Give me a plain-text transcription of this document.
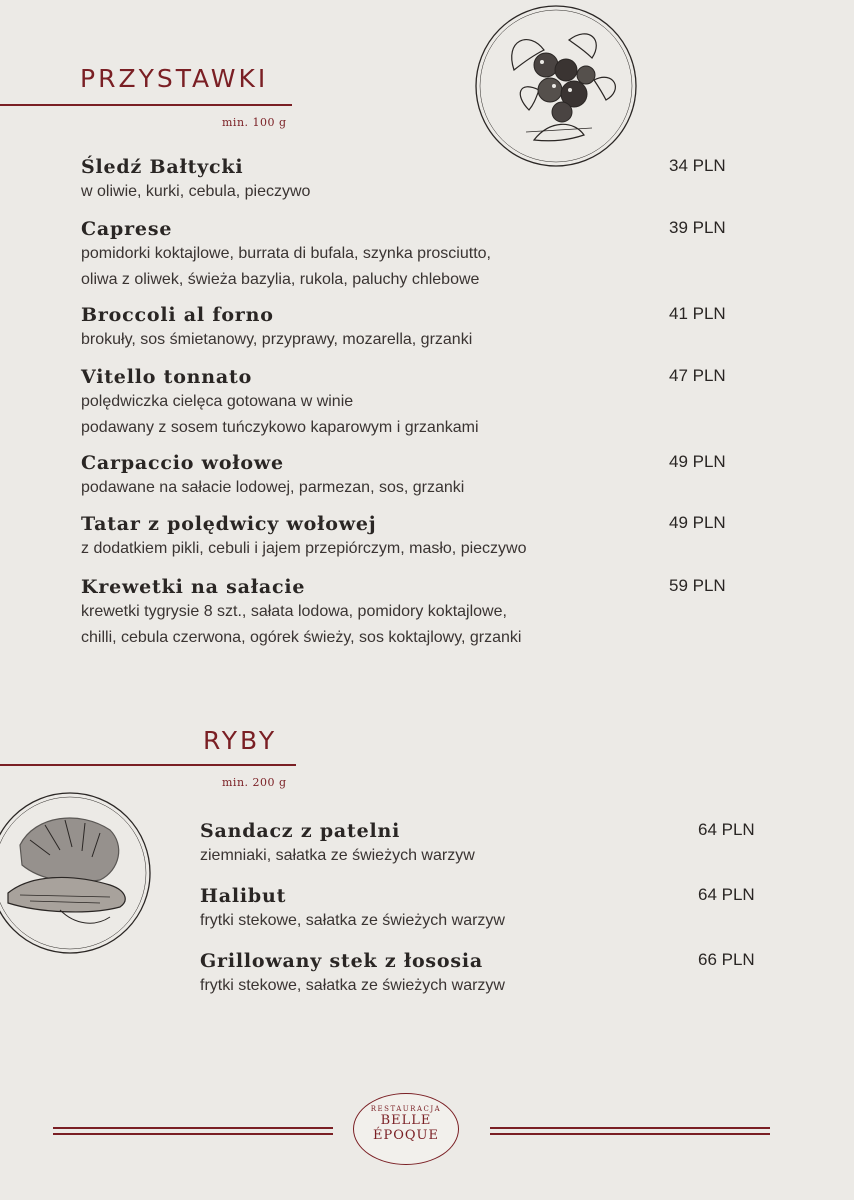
PRZYSTAWKI
min. 100 g
Śledź Bałtycki
w oliwie, kurki, cebula, pieczywo
34 PLN
Caprese
pomidorki koktajlowe, burrata di bufala, szynka prosciutto,
oliwa z oliwek, świeża bazylia, rukola, paluchy chlebowe
39 PLN
Broccoli al forno
brokuły, sos śmietanowy, przyprawy, mozarella, grzanki
41 PLN
Vitello tonnato
polędwiczka cielęca gotowana w winie
podawany z sosem tuńczykowo kaparowym i grzankami
47 PLN
Carpaccio wołowe
podawane na sałacie lodowej, parmezan, sos, grzanki
49 PLN
Tatar z polędwicy wołowej
z dodatkiem pikli, cebuli i jajem przepiórczym, masło, pieczywo
49 PLN
Krewetki na sałacie
krewetki tygrysie 8 szt., sałata lodowa, pomidory koktajlowe,
chilli, cebula czerwona, ogórek świeży, sos koktajlowy, grzanki
59 PLN
RYBY
min. 200 g
Sandacz z patelni
ziemniaki, sałatka ze świeżych warzyw
64 PLN
Halibut
frytki stekowe, sałatka ze świeżych warzyw
64 PLN
Grillowany stek z łososia
frytki stekowe, sałatka ze świeżych warzyw
66 PLN
RESTAURACJA
BELLE
ÉPOQUE
